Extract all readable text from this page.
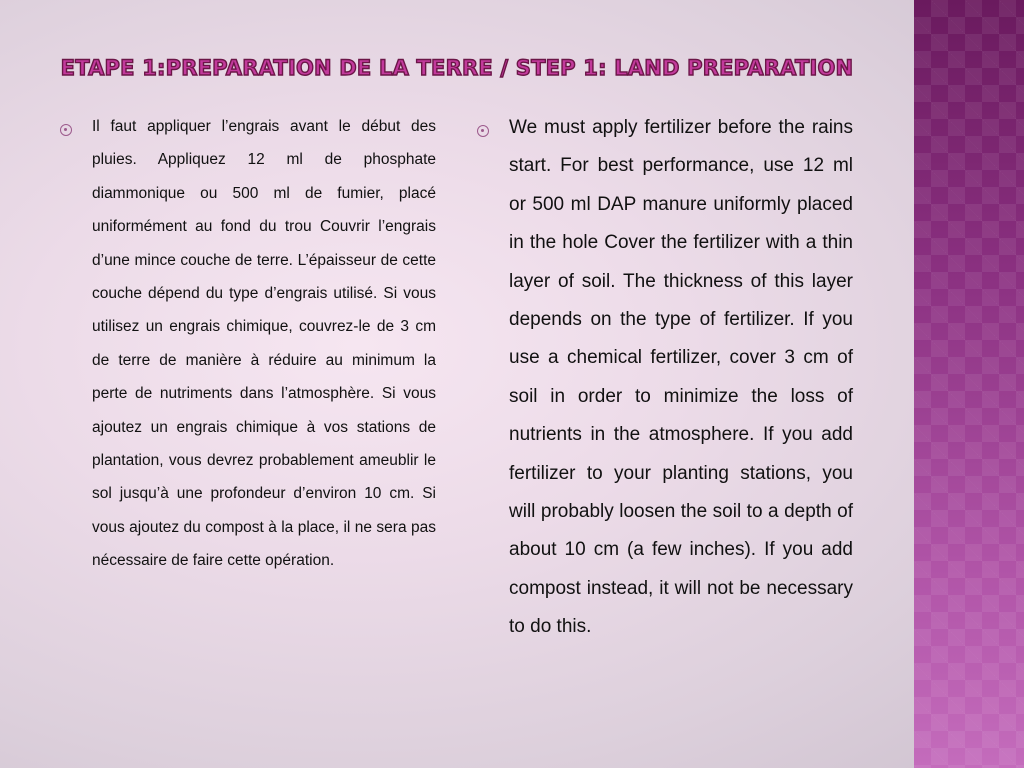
ETAPE 1:PREPARATION DE LA TERRE / STEP 1: LAND PREPARATION

Il faut appliquer l’engrais avant le début des pluies. Appliquez 12 ml de phosphate diammonique ou 500 ml de fumier, placé uniformément au fond du trou Couvrir l’engrais d’une mince couche de terre. L’épaisseur de cette couche dépend du type d’engrais utilisé. Si vous utilisez un engrais chimique, couvrez-le de 3 cm de terre de manière à réduire au minimum la perte de nutriments dans l’atmosphère. Si vous ajoutez un engrais chimique à vos stations de plantation, vous devrez probablement ameublir le sol jusqu’à une profondeur d’environ 10 cm. Si vous ajoutez du compost à la place, il ne sera pas nécessaire de faire cette opération.

We must apply fertilizer before the rains start. For best performance, use 12 ml or 500 ml DAP manure uniformly placed in the hole Cover the fertilizer with a thin layer of soil. The thickness of this layer depends on the type of fertilizer. If you use a chemical fertilizer, cover 3 cm of soil in order to minimize the loss of nutrients in the atmosphere. If you add fertilizer to your planting stations, you will probably loosen the soil to a depth of about 10 cm (a few inches). If you add compost instead, it will not be necessary to do this.
